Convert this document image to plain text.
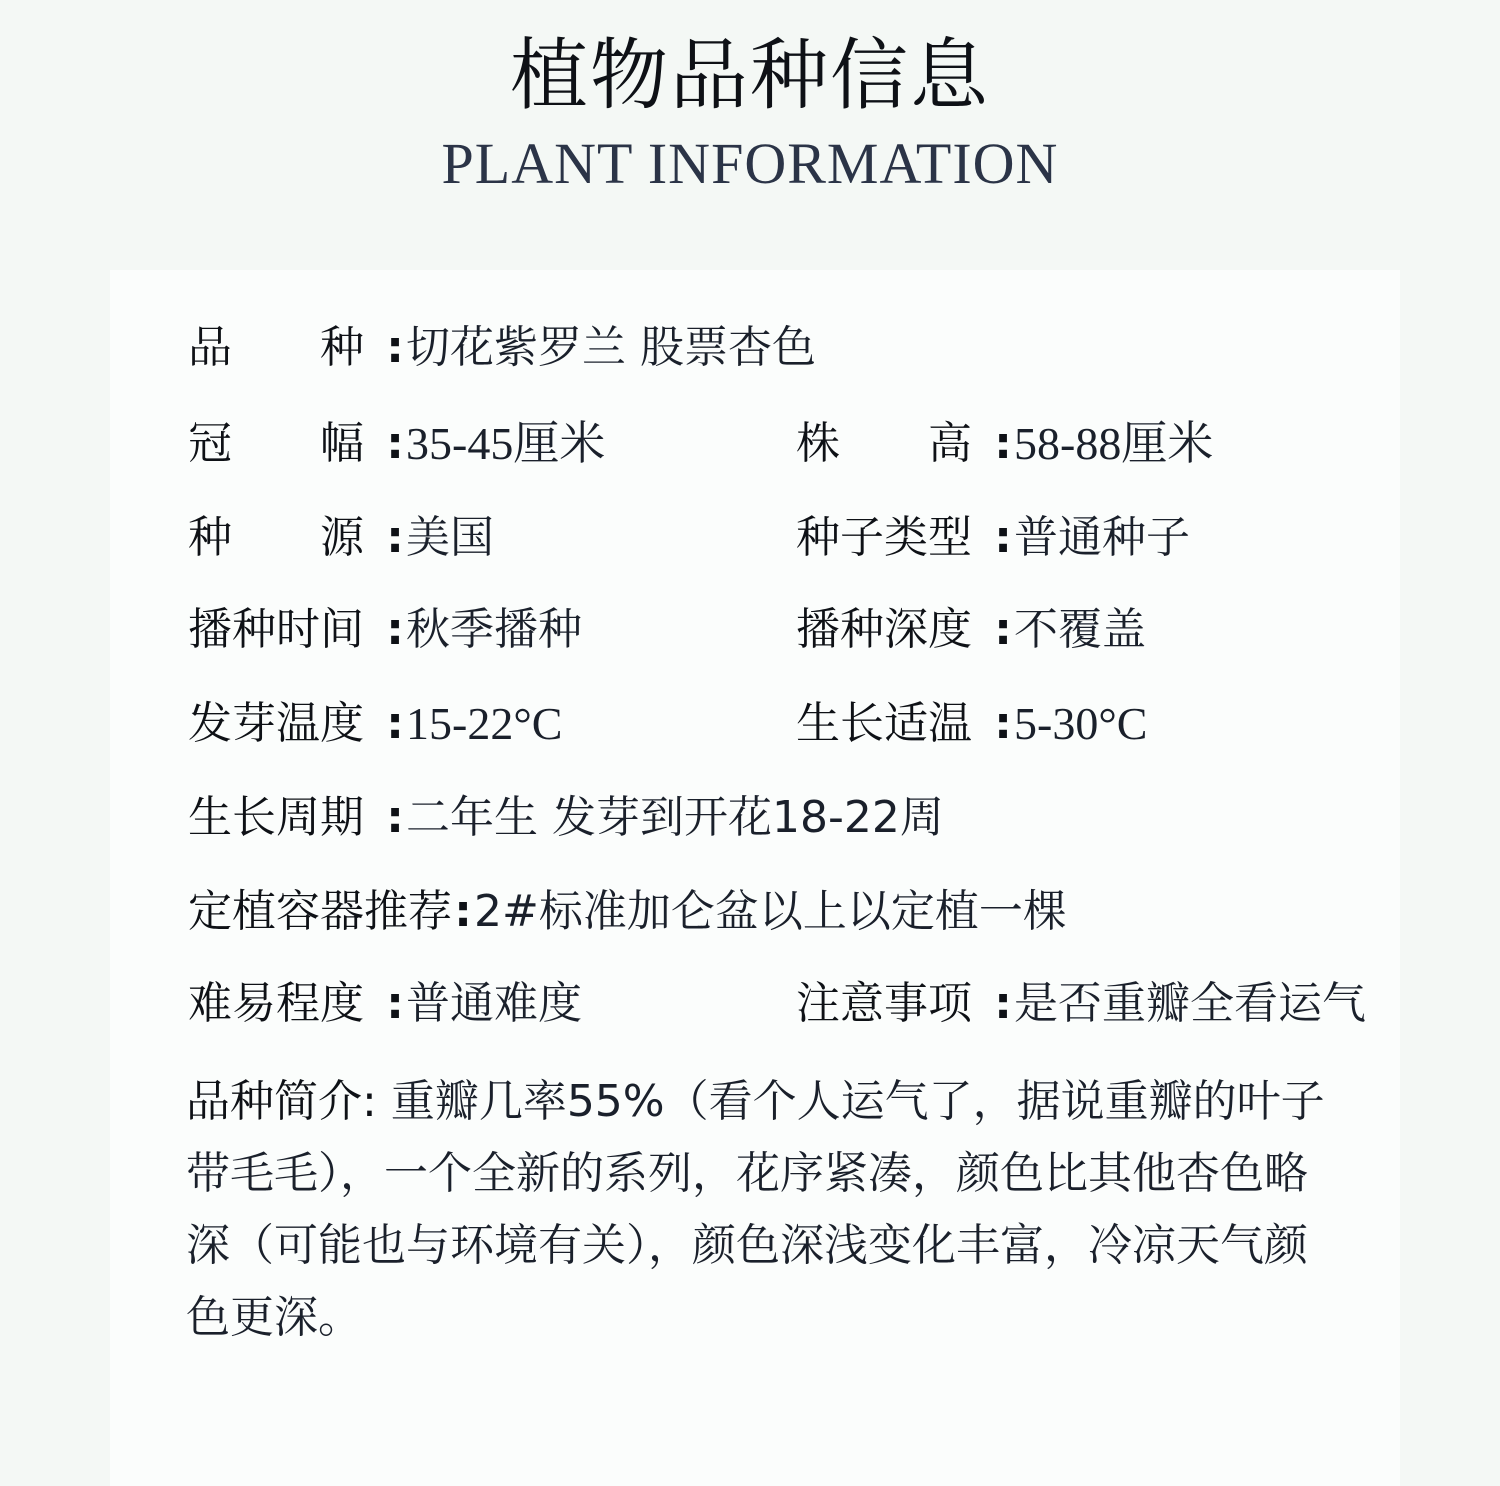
植物品种信息
PLANT INFORMATION
品　　种 :切花紫罗兰 股票杏色
冠　　幅 :35-45厘米	株　　高 :58-88厘米
种　　源 :美国	种子类型 :普通种子
播种时间 :秋季播种	播种深度 :不覆盖
发芽温度 :15-22°C	生长适温 :5-30°C
生长周期 :二年生 发芽到开花18-22周
定植容器推荐:2#标准加仑盆以上以定植一棵
难易程度 :普通难度	注意事项 :是否重瓣全看运气
品种简介: 重瓣几率55%（看个人运气了，据说重瓣的叶子带毛毛），一个全新的系列，花序紧凑，颜色比其他杏色略深（可能也与环境有关），颜色深浅变化丰富，冷凉天气颜色更深。
